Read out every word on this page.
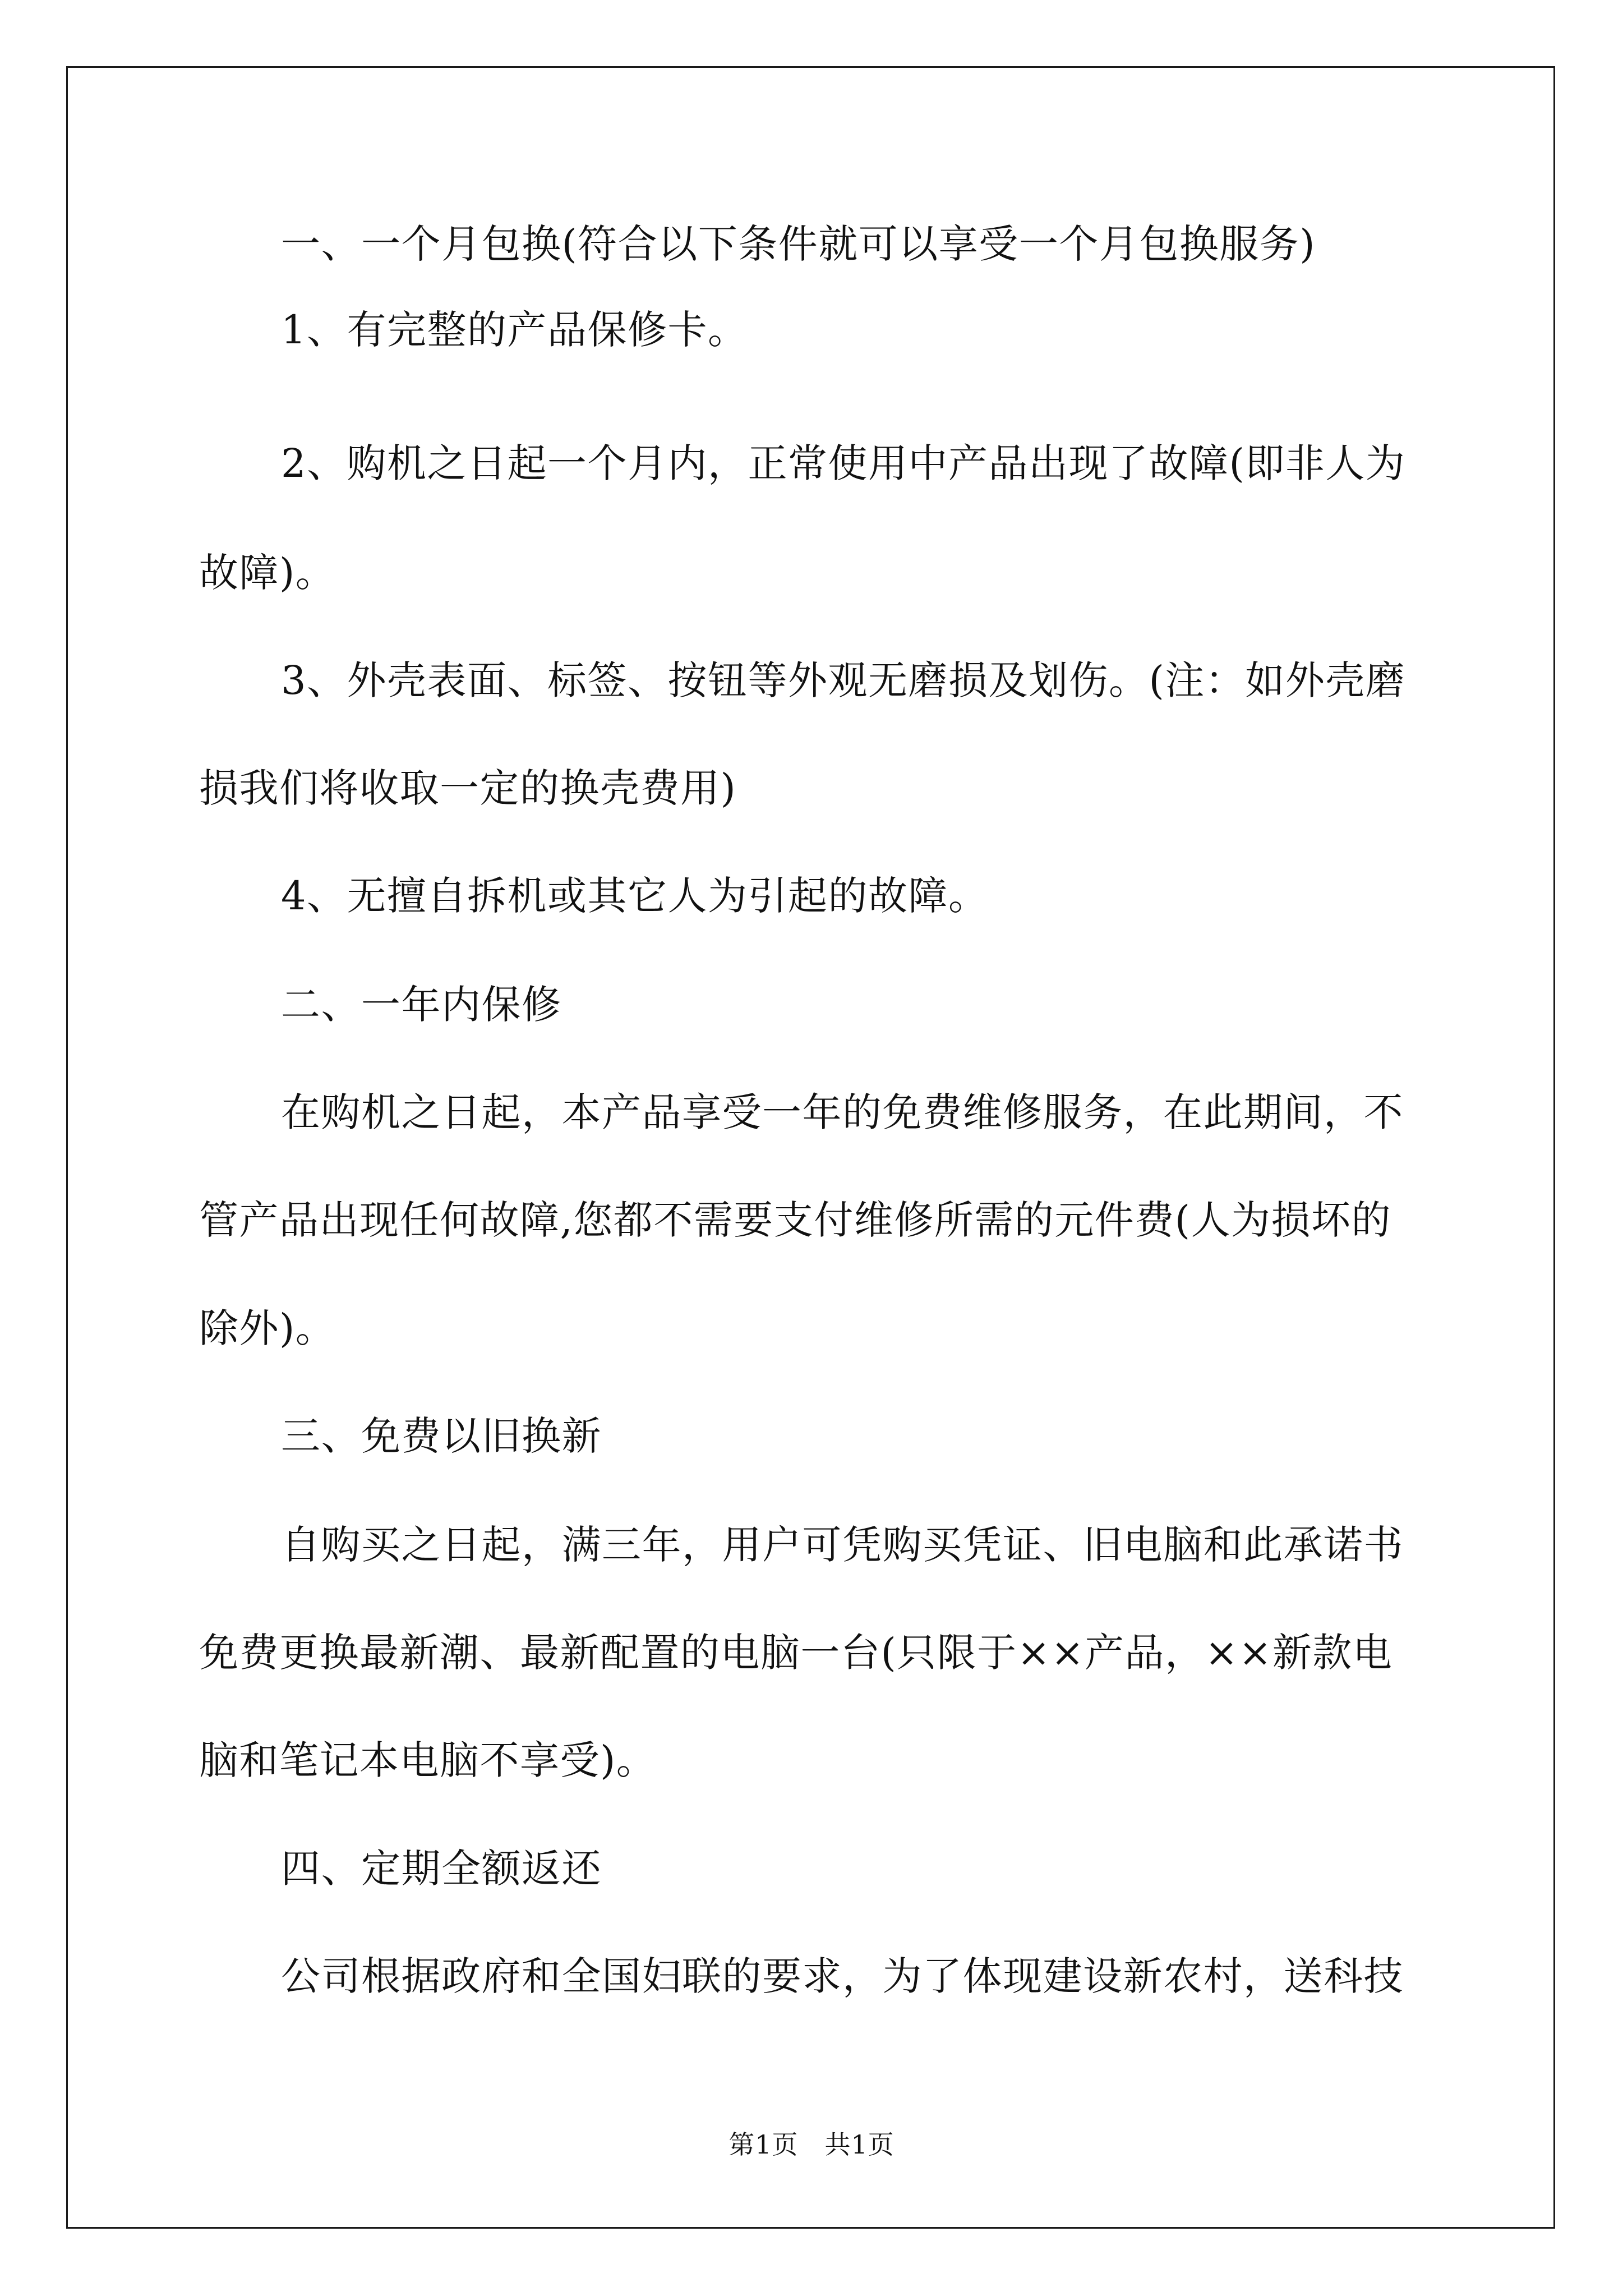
一、一个月包换(符合以下条件就可以享受一个月包换服务)
1、有完整的产品保修卡。
2、购机之日起一个月内，正常使用中产品出现了故障(即非人为
故障)。
3、外壳表面、标签、按钮等外观无磨损及划伤。(注：如外壳磨
损我们将收取一定的换壳费用)
4、无擅自拆机或其它人为引起的故障。
二、一年内保修
在购机之日起，本产品享受一年的免费维修服务，在此期间，不
管产品出现任何故障,您都不需要支付维修所需的元件费(人为损坏的
除外)。
三、免费以旧换新
自购买之日起，满三年，用户可凭购买凭证、旧电脑和此承诺书
免费更换最新潮、最新配置的电脑一台(只限于××产品，××新款电
脑和笔记本电脑不享受)。
四、定期全额返还
公司根据政府和全国妇联的要求，为了体现建设新农村，送科技
第1页　共1页
